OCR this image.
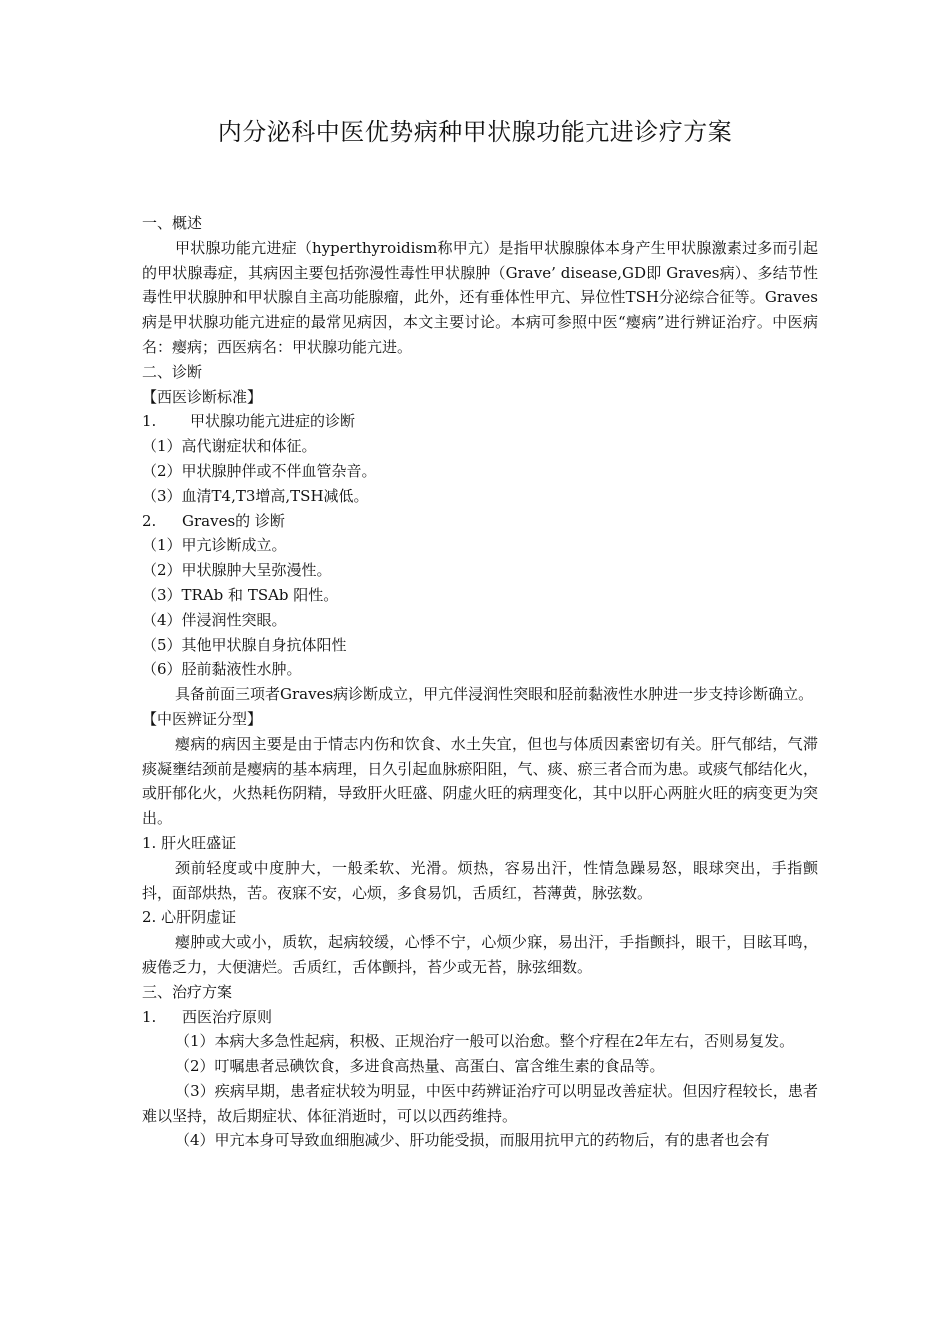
内分泌科中医优势病种甲状腺功能亢进诊疗方案

一、概述

甲状腺功能亢进症（hyperthyroidism称甲亢）是指甲状腺腺体本身产生甲状腺激素过多而引起的甲状腺毒症，其病因主要包括弥漫性毒性甲状腺肿（Grave’ disease,GD即 Graves病）、多结节性毒性甲状腺肿和甲状腺自主高功能腺瘤，此外，还有垂体性甲亢、异位性TSH分泌综合征等。Graves病是甲状腺功能亢进症的最常见病因，本文主要讨论。本病可参照中医“瘿病”进行辨证治疗。中医病名：瘿病；西医病名：甲状腺功能亢进。

二、诊断

【西医诊断标准】

1. 甲状腺功能亢进症的诊断

（1）高代谢症状和体征。

（2）甲状腺肿伴或不伴血管杂音。

（3）血清T4,T3增高,TSH减低。

2. Graves的 诊断

（1）甲亢诊断成立。

（2）甲状腺肿大呈弥漫性。

（3）TRAb 和 TSAb 阳性。

（4）伴浸润性突眼。

（5）其他甲状腺自身抗体阳性

（6）胫前黏液性水肿。

具备前面三项者Graves病诊断成立，甲亢伴浸润性突眼和胫前黏液性水肿进一步支持诊断确立。

【中医辨证分型】

瘿病的病因主要是由于情志内伤和饮食、水土失宜，但也与体质因素密切有关。肝气郁结，气滞痰凝壅结颈前是瘿病的基本病理，日久引起血脉瘀阳阻，气、痰、瘀三者合而为患。或痰气郁结化火，或肝郁化火，火热耗伤阴精，导致肝火旺盛、阴虚火旺的病理变化，其中以肝心两脏火旺的病变更为突出。

1. 肝火旺盛证

颈前轻度或中度肿大，一般柔软、光滑。烦热，容易出汗，性情急躁易怒，眼球突出，手指颤抖，面部烘热，苦。夜寐不安，心烦，多食易饥，舌质红，苔薄黄，脉弦数。

2. 心肝阴虚证

瘿肿或大或小，质软，起病较缓，心悸不宁，心烦少寐，易出汗，手指颤抖，眼干，目眩耳鸣，疲倦乏力，大便溏烂。舌质红，舌体颤抖，苔少或无苔，脉弦细数。

三、治疗方案

1. 西医治疗原则

（1）本病大多急性起病，积极、正规治疗一般可以治愈。整个疗程在2年左右，否则易复发。

（2）叮嘱患者忌碘饮食，多进食高热量、高蛋白、富含维生素的食品等。

（3）疾病早期，患者症状较为明显，中医中药辨证治疗可以明显改善症状。但因疗程较长，患者难以坚持，故后期症状、体征消逝时，可以以西药维持。

（4）甲亢本身可导致血细胞减少、肝功能受损，而服用抗甲亢的药物后，有的患者也会有
